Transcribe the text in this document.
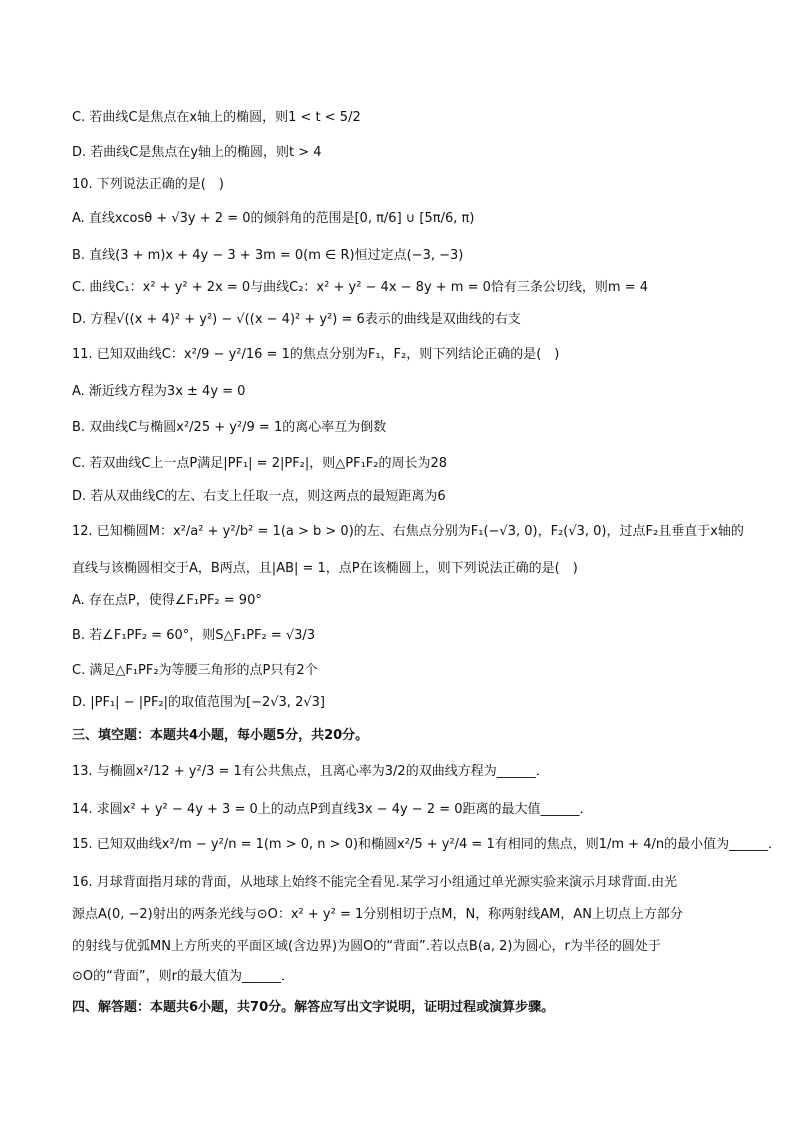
C. 若曲线C是焦点在x轴上的椭圆，则1 < t < 5/2
D. 若曲线C是焦点在y轴上的椭圆，则t > 4
10. 下列说法正确的是(　)
A. 直线xcosθ + √3y + 2 = 0的倾斜角的范围是[0, π/6] ∪ [5π/6, π)
B. 直线(3 + m)x + 4y − 3 + 3m = 0(m ∈ R)恒过定点(−3, −3)
C. 曲线C₁：x² + y² + 2x = 0与曲线C₂：x² + y² − 4x − 8y + m = 0恰有三条公切线，则m = 4
D. 方程√((x + 4)² + y²) − √((x − 4)² + y²) = 6表示的曲线是双曲线的右支
11. 已知双曲线C：x²/9 − y²/16 = 1的焦点分别为F₁，F₂，则下列结论正确的是(　)
A. 渐近线方程为3x ± 4y = 0
B. 双曲线C与椭圆x²/25 + y²/9 = 1的离心率互为倒数
C. 若双曲线C上一点P满足|PF₁| = 2|PF₂|，则△PF₁F₂的周长为28
D. 若从双曲线C的左、右支上任取一点，则这两点的最短距离为6
12. 已知椭圆M：x²/a² + y²/b² = 1(a > b > 0)的左、右焦点分别为F₁(−√3, 0)，F₂(√3, 0)，过点F₂且垂直于x轴的
直线与该椭圆相交于A，B两点，且|AB| = 1，点P在该椭圆上，则下列说法正确的是(　)
A. 存在点P，使得∠F₁PF₂ = 90°
B. 若∠F₁PF₂ = 60°，则S△F₁PF₂ = √3/3
C. 满足△F₁PF₂为等腰三角形的点P只有2个
D. |PF₁| − |PF₂|的取值范围为[−2√3, 2√3]
三、填空题：本题共4小题，每小题5分，共20分。
13. 与椭圆x²/12 + y²/3 = 1有公共焦点，且离心率为3/2的双曲线方程为______．
14. 求圆x² + y² − 4y + 3 = 0上的动点P到直线3x − 4y − 2 = 0距离的最大值______．
15. 已知双曲线x²/m − y²/n = 1(m > 0, n > 0)和椭圆x²/5 + y²/4 = 1有相同的焦点，则1/m + 4/n的最小值为______．
16. 月球背面指月球的背面，从地球上始终不能完全看见.某学习小组通过单光源实验来演示月球背面.由光
源点A(0, −2)射出的两条光线与⊙O：x² + y² = 1分别相切于点M，N，称两射线AM，AN上切点上方部分
的射线与优弧MN上方所夹的平面区域(含边界)为圆O的“背面”.若以点B(a, 2)为圆心，r为半径的圆处于
⊙O的“背面”，则r的最大值为______．
四、解答题：本题共6小题，共70分。解答应写出文字说明，证明过程或演算步骤。
